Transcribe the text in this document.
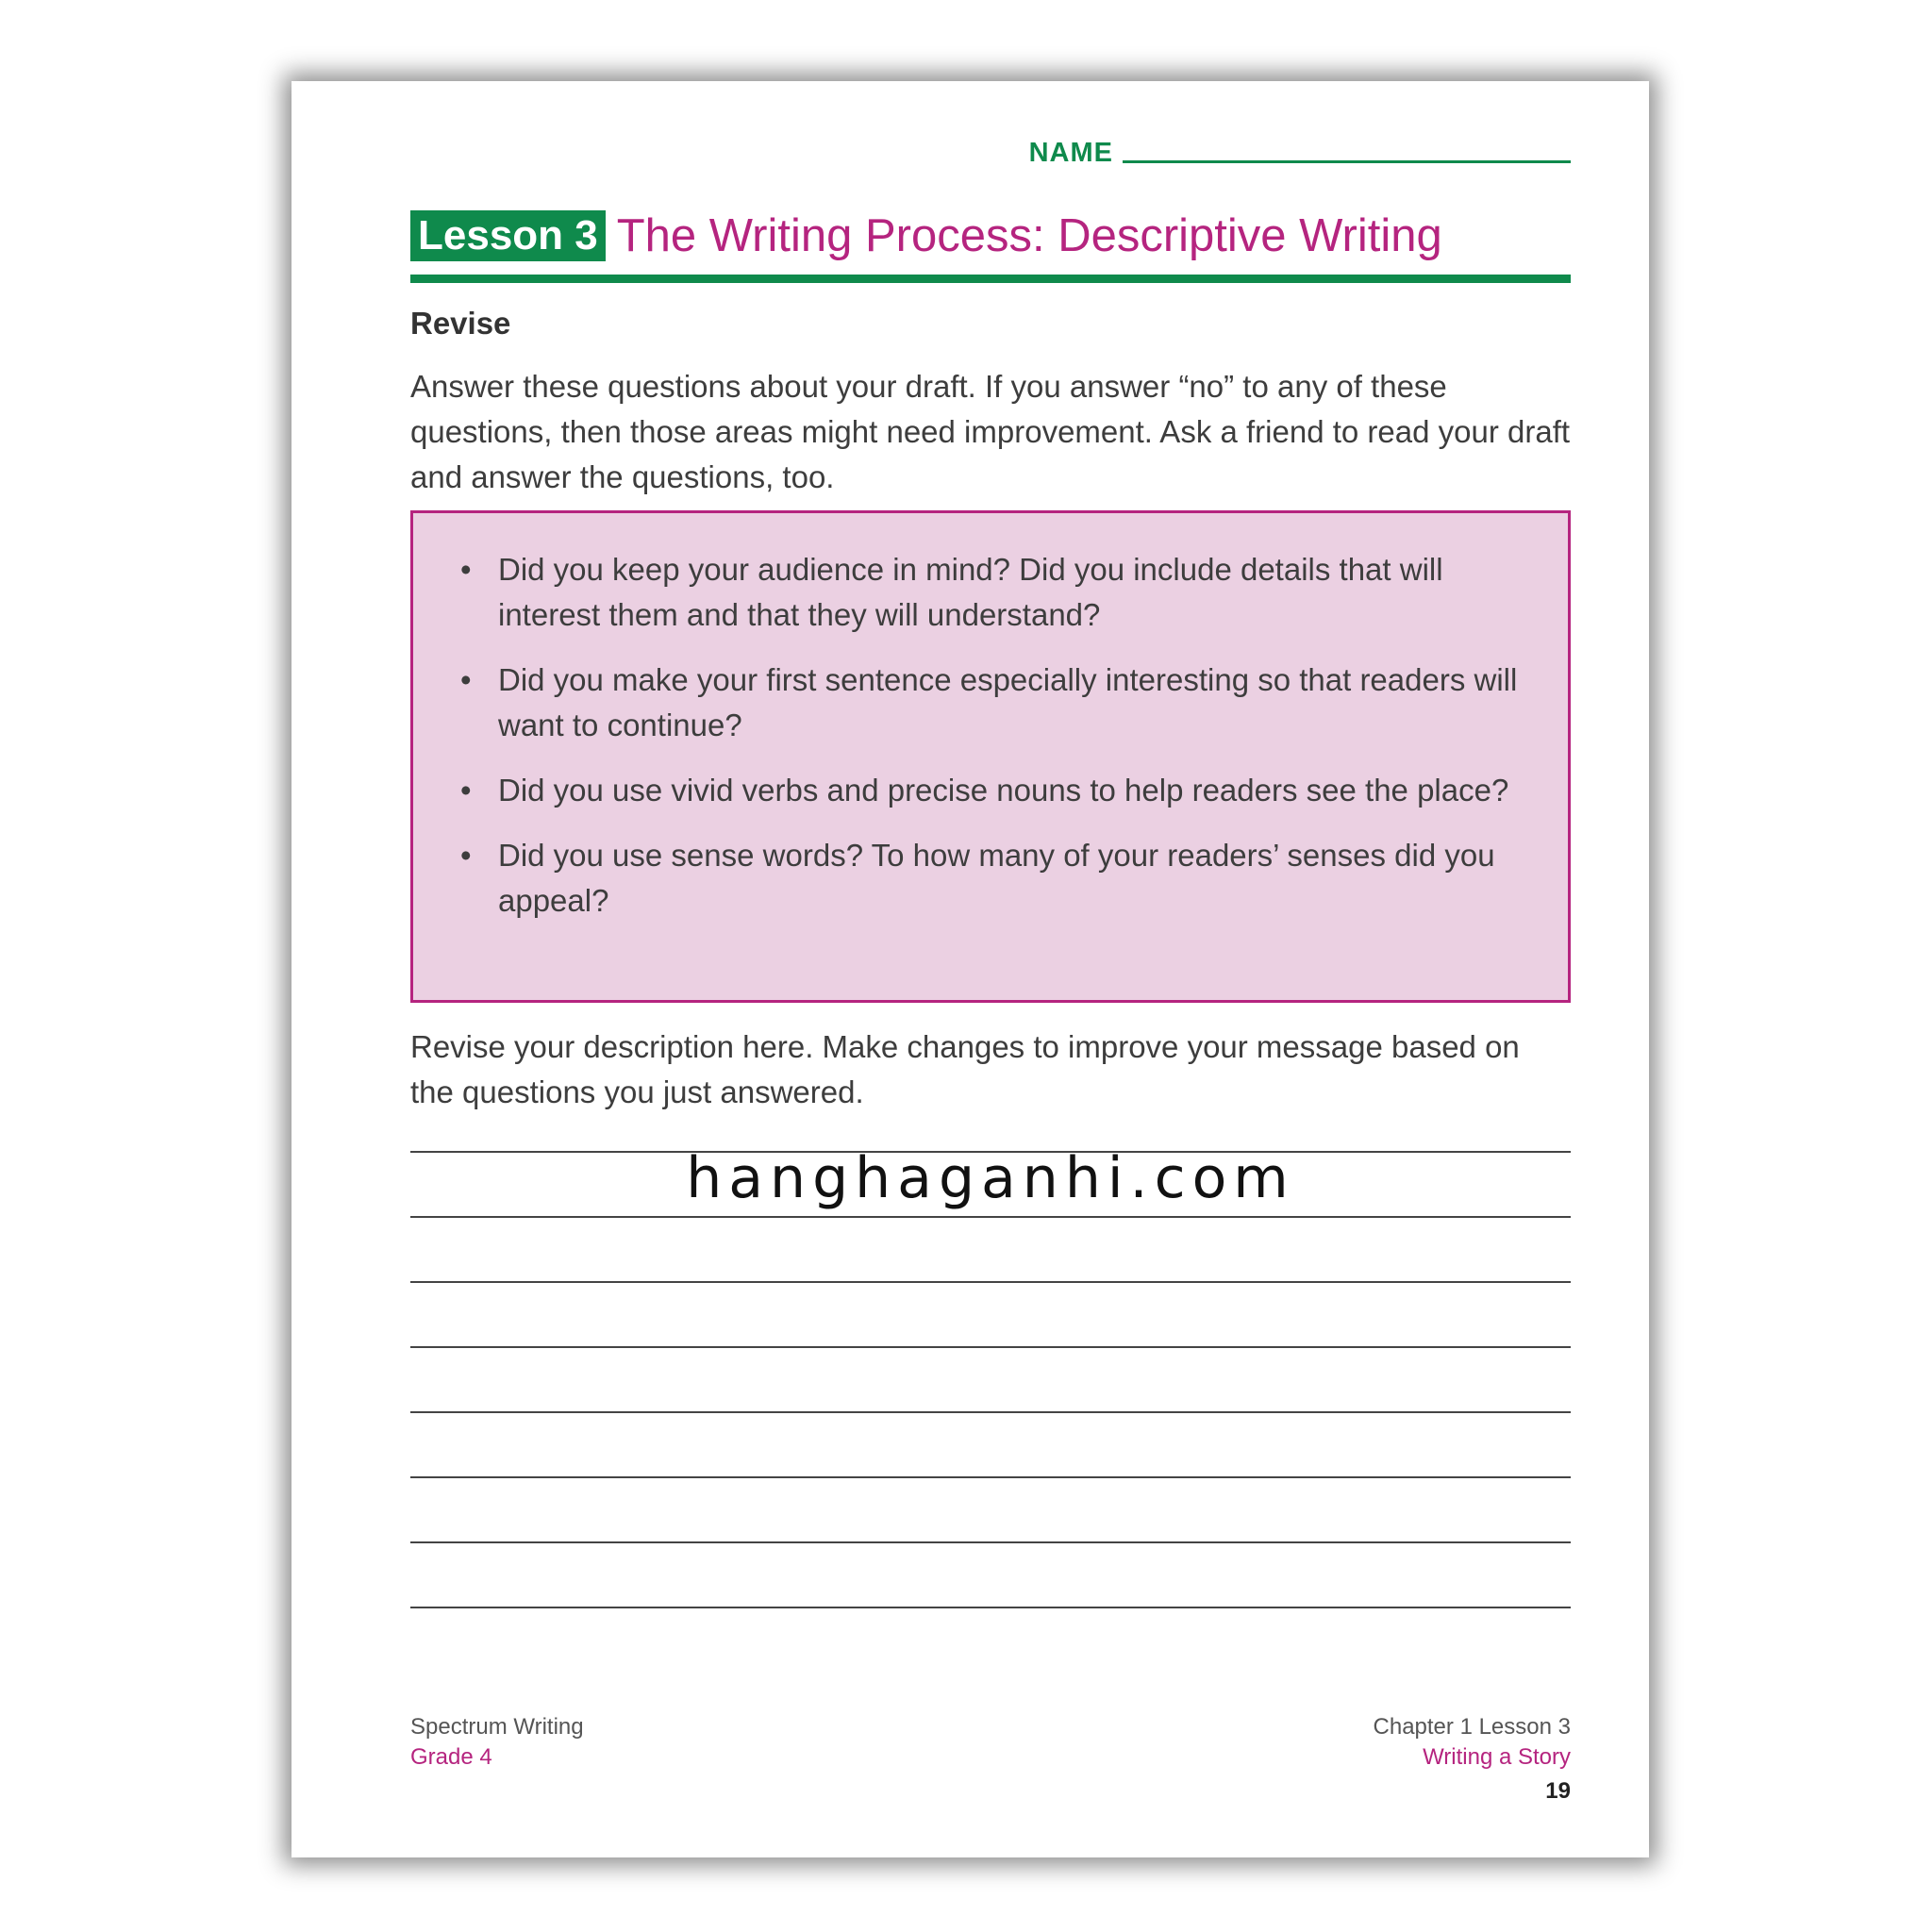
NAME
Lesson 3 The Writing Process: Descriptive Writing
Revise
Answer these questions about your draft. If you answer “no” to any of these questions, then those areas might need improvement. Ask a friend to read your draft and answer the questions, too.
• Did you keep your audience in mind? Did you include details that will interest them and that they will understand?
• Did you make your first sentence especially interesting so that readers will want to continue?
• Did you use vivid verbs and precise nouns to help readers see the place?
• Did you use sense words? To how many of your readers’ senses did you appeal?
Revise your description here. Make changes to improve your message based on the questions you just answered.
hanghaganhi.com
Spectrum Writing
Grade 4
Chapter 1 Lesson 3
Writing a Story
19
